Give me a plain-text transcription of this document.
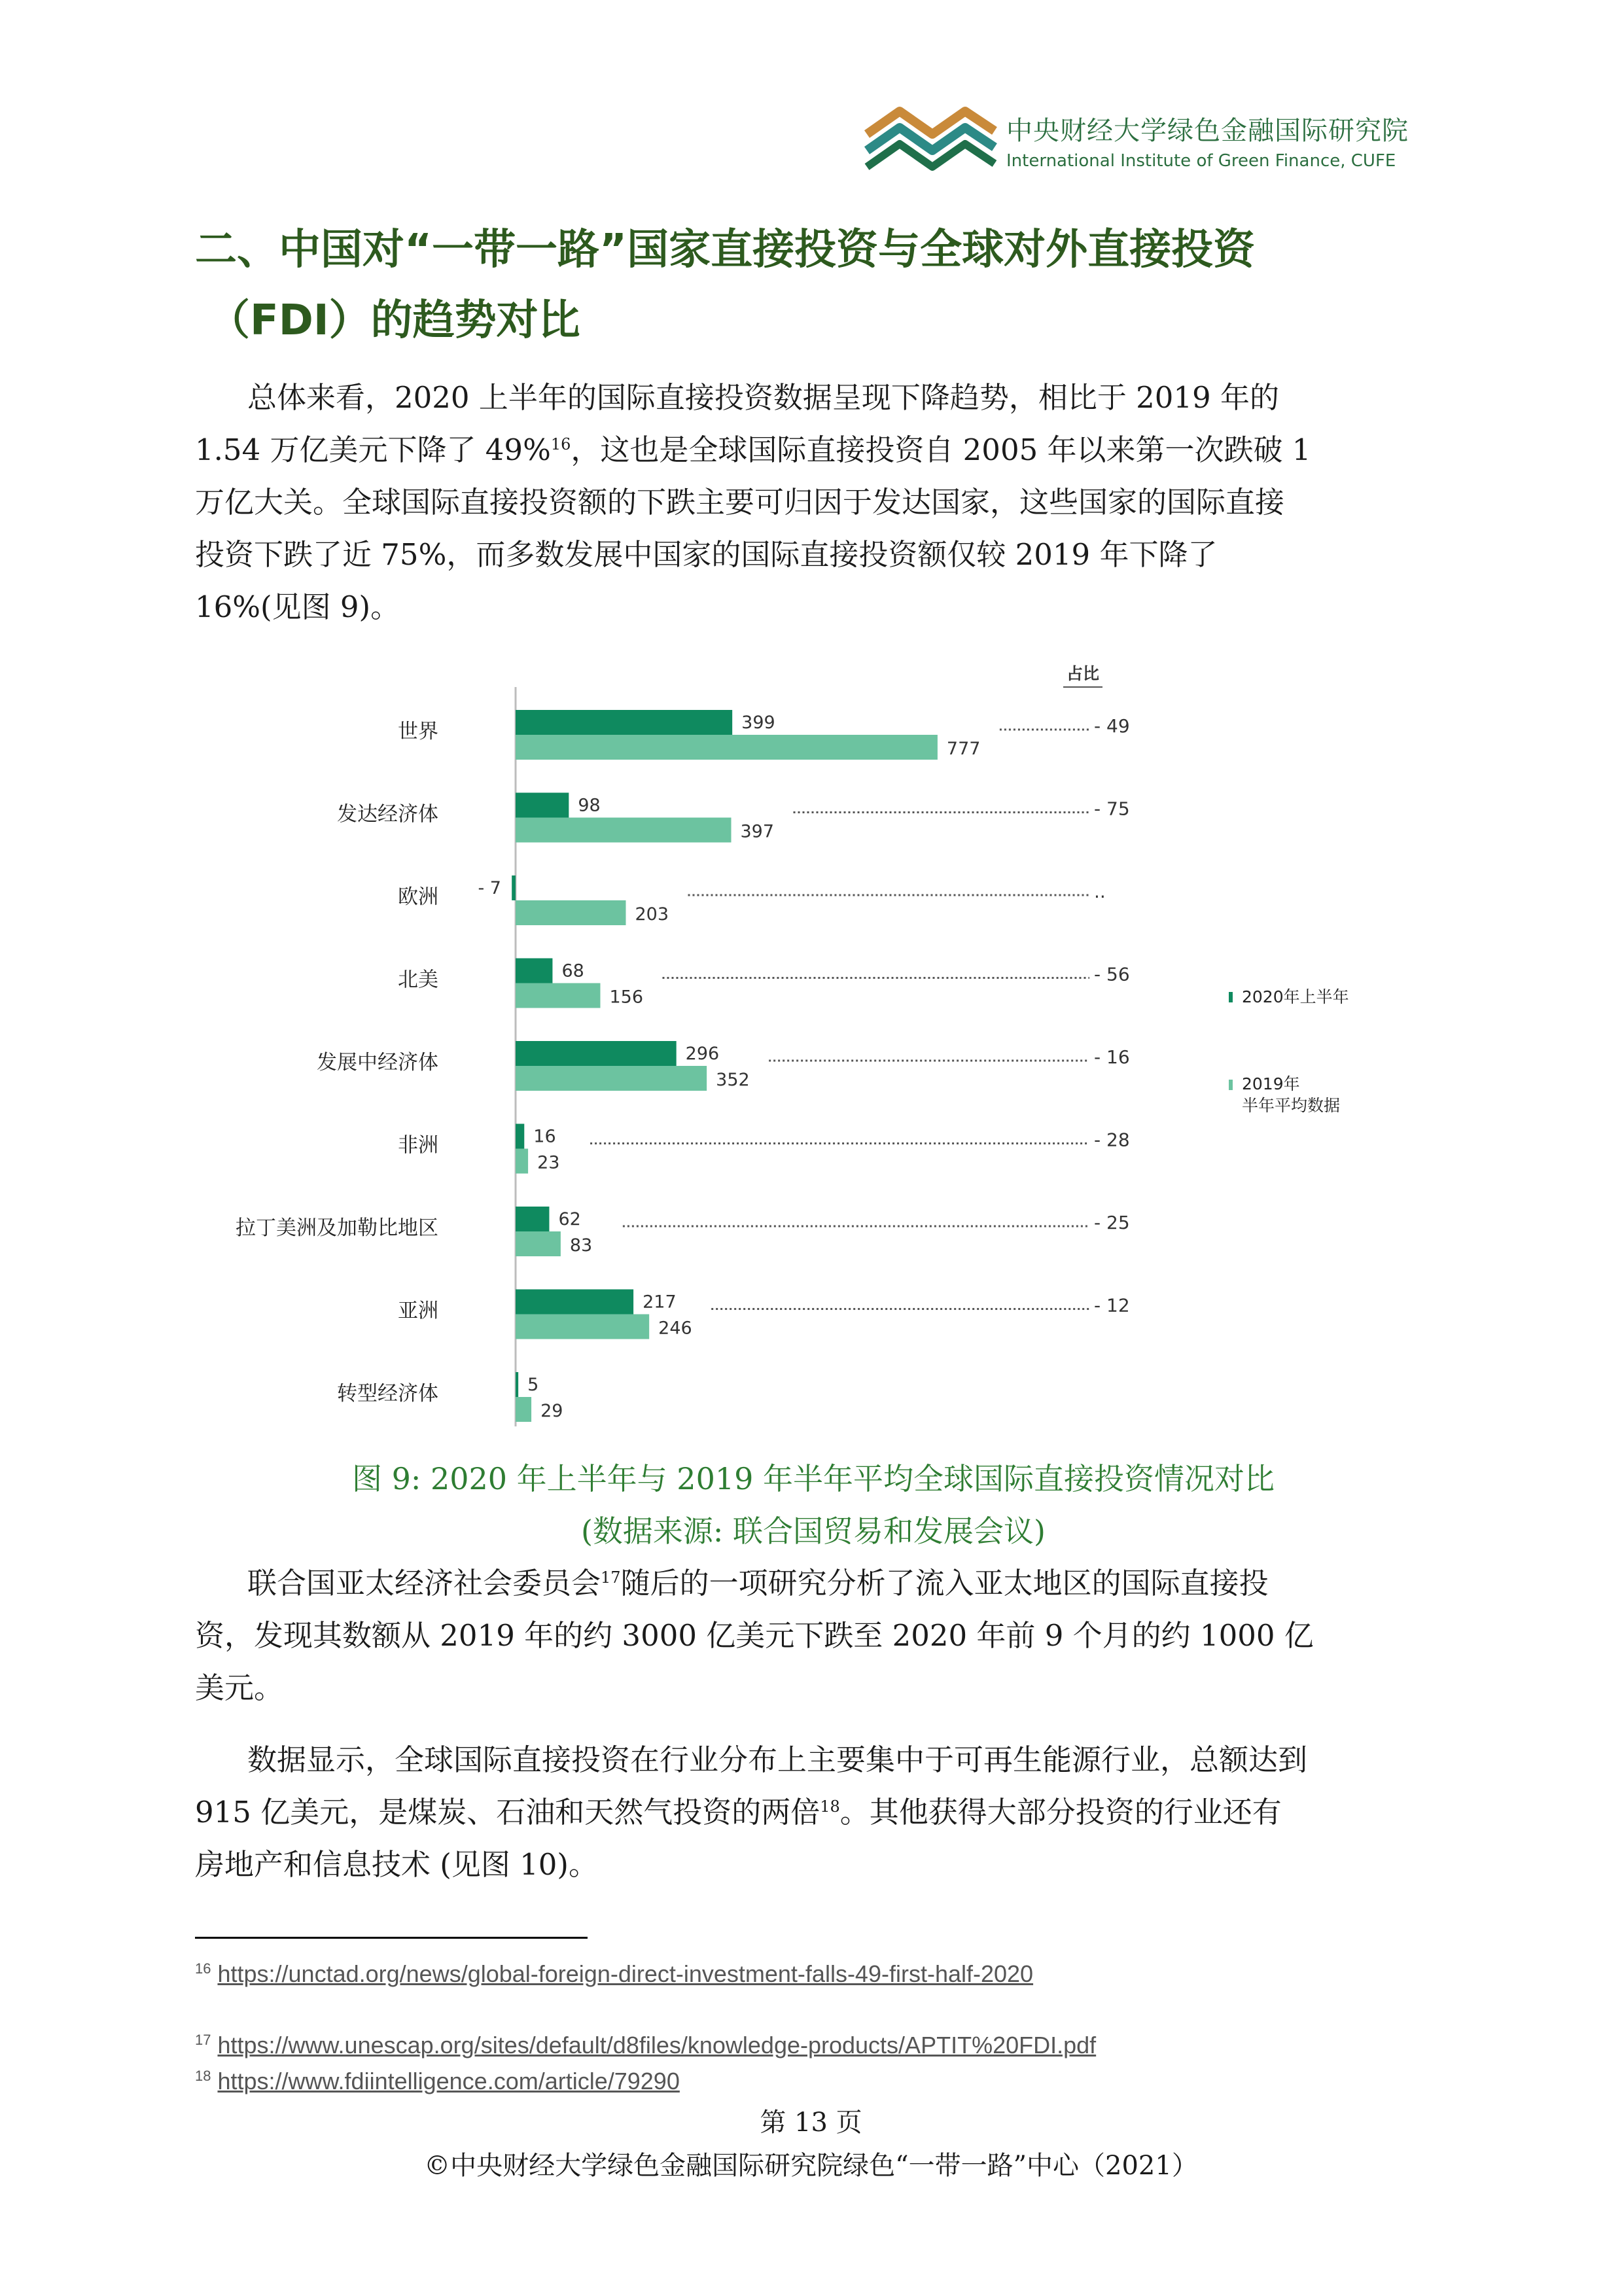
中央财经大学绿色金融国际研究院
International Institute of Green Finance, CUFE
二、中国对“一带一路”国家直接投资与全球对外直接投资
（FDI）的趋势对比
总体来看，2020 上半年的国际直接投资数据呈现下降趋势，相比于 2019 年的
1.54 万亿美元下降了 49%$^{16}$，这也是全球国际直接投资自 2005 年以来第一次跌破 1
万亿大关。全球国际直接投资额的下跌主要可归因于发达国家，这些国家的国际直接
投资下跌了近 75%，而多数发展中国家的国际直接投资额仅较 2019 年下降了
16%(见图 9)。
占比
世界	399
777
- 49
发达经济体	98
397
- 75
欧洲 - 7
203
..
北美	68
156
- 56
发展中经济体	296
352
- 16
非洲	16
23
- 28
拉丁美洲及加勒比地区	62
83
- 25
亚洲	217
246
- 12
转型经济体	5
29
2020年上半年
2019年
半年平均数据
图 9: 2020 年上半年与 2019 年半年平均全球国际直接投资情况对比
(数据来源: 联合国贸易和发展会议)
联合国亚太经济社会委员会$^{17}$随后的一项研究分析了流入亚太地区的国际直接投
资，发现其数额从 2019 年的约 3000 亿美元下跌至 2020 年前 9 个月的约 1000 亿
美元。
数据显示，全球国际直接投资在行业分布上主要集中于可再生能源行业，总额达到
915 亿美元，是煤炭、石油和天然气投资的两倍$^{18}$。其他获得大部分投资的行业还有
房地产和信息技术 (见图 10)。
$^{16}$ https://unctad.org/news/global-foreign-direct-investment-falls-49-first-half-2020
$^{17}$ https://www.unescap.org/sites/default/d8files/knowledge-products/APTIT%20FDI.pdf
$^{18}$ https://www.fdiintelligence.com/article/79290
第 13 页
©中央财经大学绿色金融国际研究院绿色“一带一路”中心（2021）
